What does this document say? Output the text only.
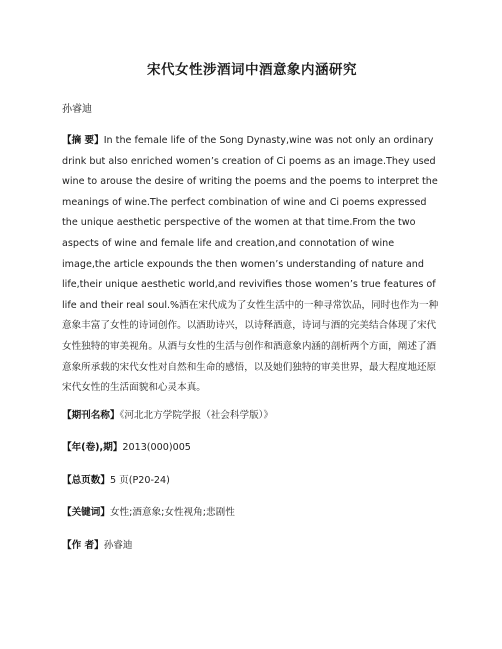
宋代女性涉酒词中酒意象内涵研究
孙睿迪

【摘 要】In the female life of the Song Dynasty,wine was not only an ordinary drink but also enriched women’s creation of Ci poems as an image.They used wine to arouse the desire of writing the poems and the poems to interpret the meanings of wine.The perfect combination of wine and Ci poems expressed the unique aesthetic perspective of the women at that time.From the two aspects of wine and female life and creation,and connotation of wine image,the article expounds the then women’s understanding of nature and life,their unique aesthetic world,and revivifies those women’s true features of life and their real soul.%酒在宋代成为了女性生活中的一种寻常饮品，同时也作为一种意象丰富了女性的诗词创作。以酒助诗兴，以诗释酒意，诗词与酒的完美结合体现了宋代女性独特的审美视角。从酒与女性的生活与创作和酒意象内涵的剖析两个方面，阐述了酒意象所承载的宋代女性对自然和生命的感悟，以及她们独特的审美世界，最大程度地还原宋代女性的生活面貌和心灵本真。

【期刊名称】《河北北方学院学报（社会科学版）》
【年(卷),期】2013(000)005
【总页数】5 页(P20-24)
【关键词】女性;酒意象;女性视角;悲剧性
【作 者】孙睿迪
